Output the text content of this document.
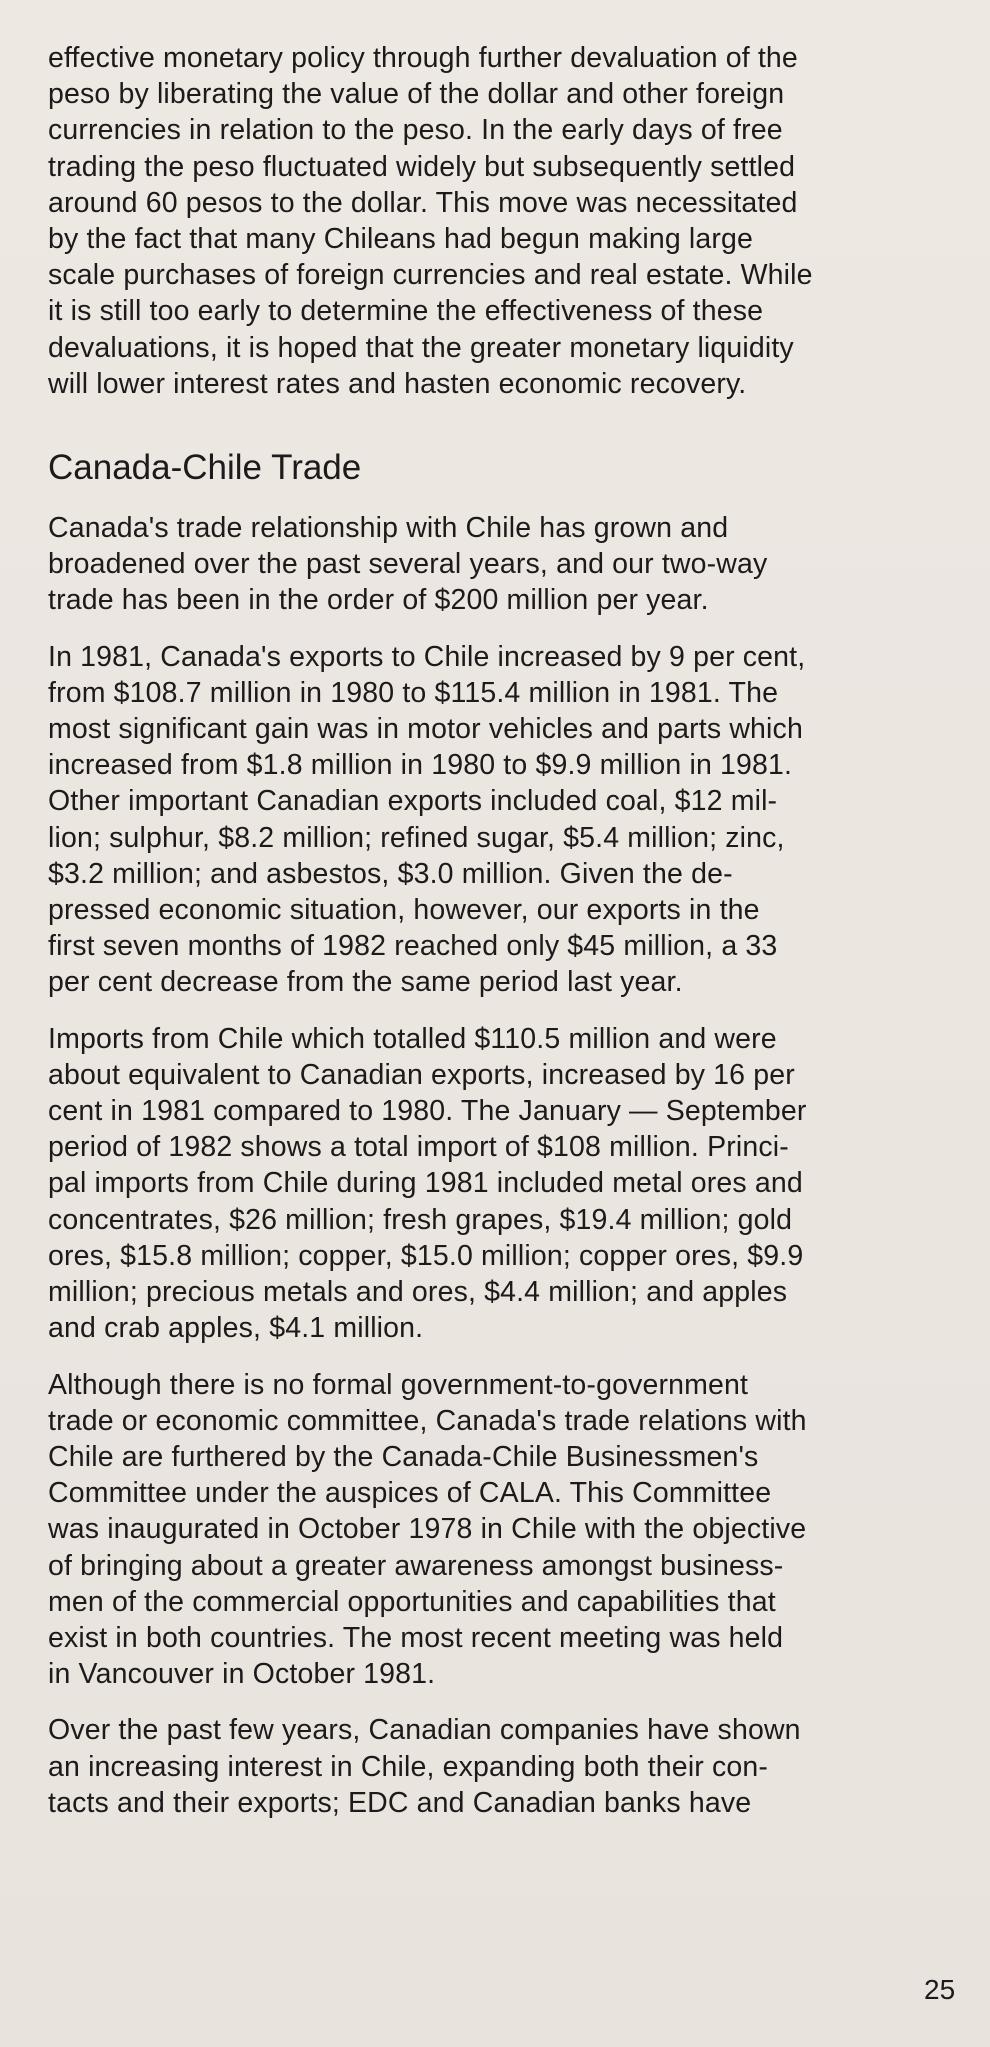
effective monetary policy through further devaluation of the
peso by liberating the value of the dollar and other foreign
currencies in relation to the peso. In the early days of free
trading the peso fluctuated widely but subsequently settled
around 60 pesos to the dollar. This move was necessitated
by the fact that many Chileans had begun making large
scale purchases of foreign currencies and real estate. While
it is still too early to determine the effectiveness of these
devaluations, it is hoped that the greater monetary liquidity
will lower interest rates and hasten economic recovery.
Canada-Chile Trade
Canada's trade relationship with Chile has grown and
broadened over the past several years, and our two-way
trade has been in the order of $200 million per year.
In 1981, Canada's exports to Chile increased by 9 per cent,
from $108.7 million in 1980 to $115.4 million in 1981. The
most significant gain was in motor vehicles and parts which
increased from $1.8 million in 1980 to $9.9 million in 1981.
Other important Canadian exports included coal, $12 mil-
lion; sulphur, $8.2 million; refined sugar, $5.4 million; zinc,
$3.2 million; and asbestos, $3.0 million. Given the de-
pressed economic situation, however, our exports in the
first seven months of 1982 reached only $45 million, a 33
per cent decrease from the same period last year.
Imports from Chile which totalled $110.5 million and were
about equivalent to Canadian exports, increased by 16 per
cent in 1981 compared to 1980. The January — September
period of 1982 shows a total import of $108 million. Princi-
pal imports from Chile during 1981 included metal ores and
concentrates, $26 million; fresh grapes, $19.4 million; gold
ores, $15.8 million; copper, $15.0 million; copper ores, $9.9
million; precious metals and ores, $4.4 million; and apples
and crab apples, $4.1 million.
Although there is no formal government-to-government
trade or economic committee, Canada's trade relations with
Chile are furthered by the Canada-Chile Businessmen's
Committee under the auspices of CALA. This Committee
was inaugurated in October 1978 in Chile with the objective
of bringing about a greater awareness amongst business-
men of the commercial opportunities and capabilities that
exist in both countries. The most recent meeting was held
in Vancouver in October 1981.
Over the past few years, Canadian companies have shown
an increasing interest in Chile, expanding both their con-
tacts and their exports; EDC and Canadian banks have
25
